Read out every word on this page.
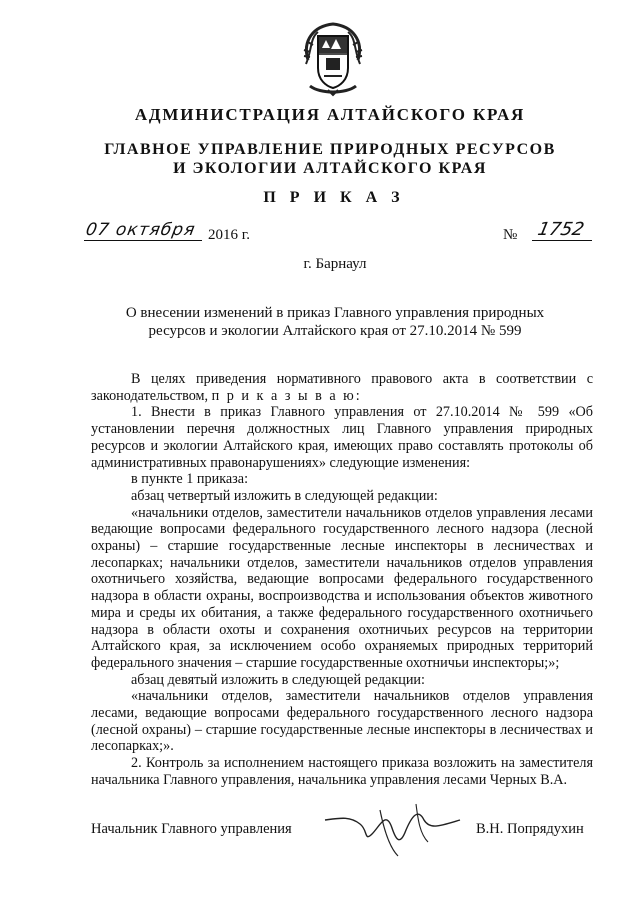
АДМИНИСТРАЦИЯ АЛТАЙСКОГО КРАЯ
ГЛАВНОЕ УПРАВЛЕНИЕ ПРИРОДНЫХ РЕСУРСОВ
И ЭКОЛОГИИ АЛТАЙСКОГО КРАЯ
П Р И К А З
07 октября 2016 г.	№ 1752
г. Барнаул
О внесении изменений в приказ Главного управления природных
ресурсов и экологии Алтайского края от 27.10.2014 № 599

В целях приведения нормативного правового акта в соответствии с законодательством, п р и к а з ы в а ю:

1. Внести в приказ Главного управления от 27.10.2014 № 599 «Об установлении перечня должностных лиц Главного управления природных ресурсов и экологии Алтайского края, имеющих право составлять протоколы об административных правонарушениях» следующие изменения:

в пункте 1 приказа:

абзац четвертый изложить в следующей редакции:

«начальники отделов, заместители начальников отделов управления лесами ведающие вопросами федерального государственного лесного надзора (лесной охраны) – старшие государственные лесные инспекторы в лесничествах и лесопарках; начальники отделов, заместители начальников отделов управления охотничьего хозяйства, ведающие вопросами федерального государственного надзора в области охраны, воспроизводства и использования объектов животного мира и среды их обитания, а также федерального государственного охотничьего надзора в области охоты и сохранения охотничьих ресурсов на территории Алтайского края, за исключением особо охраняемых природных территорий федерального значения – старшие государственные охотничьи инспекторы;»;

абзац девятый изложить в следующей редакции:

«начальники отделов, заместители начальников отделов управления лесами, ведающие вопросами федерального государственного лесного надзора (лесной охраны) – старшие государственные лесные инспекторы в лесничествах и лесопарках;».

2. Контроль за исполнением настоящего приказа возложить на заместителя начальника Главного управления, начальника управления лесами Черных В.А.

Начальник Главного управления	В.Н. Попрядухин
